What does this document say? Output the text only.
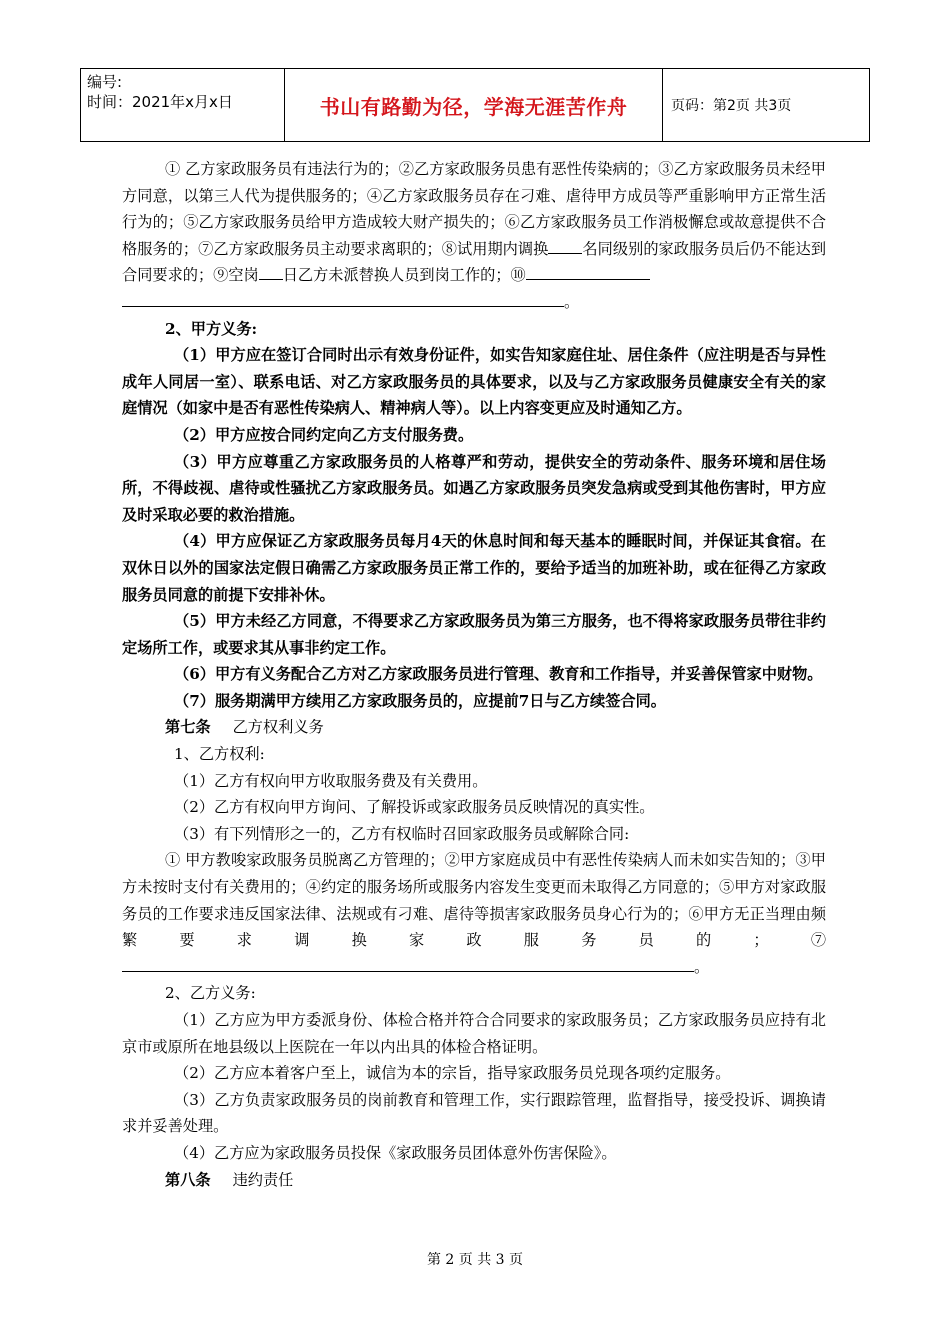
编号:
时间：2021年x月x日	书山有路勤为径，学海无涯苦作舟	页码：第2页 共3页

① 乙方家政服务员有违法行为的；②乙方家政服务员患有恶性传染病的；③乙方家政服务员未经甲方同意，以第三人代为提供服务的；④乙方家政服务员存在刁难、虐待甲方成员等严重影响甲方正常生活行为的；⑤乙方家政服务员给甲方造成较大财产损失的；⑥乙方家政服务员工作消极懈怠或故意提供不合格服务的；⑦乙方家政服务员主动要求离职的；⑧试用期内调换 名同级别的家政服务员后仍不能达到合同要求的；⑨空岗 日乙方未派替换人员到岗工作的；⑩
。

2、甲方义务:

（1）甲方应在签订合同时出示有效身份证件，如实告知家庭住址、居住条件（应注明是否与异性成年人同居一室）、联系电话、对乙方家政服务员的具体要求，以及与乙方家政服务员健康安全有关的家庭情况（如家中是否有恶性传染病人、精神病人等）。以上内容变更应及时通知乙方。

（2）甲方应按合同约定向乙方支付服务费。

（3）甲方应尊重乙方家政服务员的人格尊严和劳动，提供安全的劳动条件、服务环境和居住场所，不得歧视、虐待或性骚扰乙方家政服务员。如遇乙方家政服务员突发急病或受到其他伤害时，甲方应及时采取必要的救治措施。

（4）甲方应保证乙方家政服务员每月4天的休息时间和每天基本的睡眠时间，并保证其食宿。在双休日以外的国家法定假日确需乙方家政服务员正常工作的，要给予适当的加班补助，或在征得乙方家政服务员同意的前提下安排补休。

（5）甲方未经乙方同意，不得要求乙方家政服务员为第三方服务，也不得将家政服务员带往非约定场所工作，或要求其从事非约定工作。

（6）甲方有义务配合乙方对乙方家政服务员进行管理、教育和工作指导，并妥善保管家中财物。

（7）服务期满甲方续用乙方家政服务员的，应提前7日与乙方续签合同。

第七条 乙方权利义务

1、乙方权利:

（1）乙方有权向甲方收取服务费及有关费用。

（2）乙方有权向甲方询问、了解投诉或家政服务员反映情况的真实性。

（3）有下列情形之一的，乙方有权临时召回家政服务员或解除合同:

① 甲方教唆家政服务员脱离乙方管理的；②甲方家庭成员中有恶性传染病人而未如实告知的；③甲方未按时支付有关费用的；④约定的服务场所或服务内容发生变更而未取得乙方同意的；⑤甲方对家政服务员的工作要求违反国家法律、法规或有刁难、虐待等损害家政服务员身心行为的；⑥甲方无正当理由频繁要求调换家政服务员的；⑦。

2、乙方义务:

（1）乙方应为甲方委派身份、体检合格并符合合同要求的家政服务员；乙方家政服务员应持有北京市或原所在地县级以上医院在一年以内出具的体检合格证明。

（2）乙方应本着客户至上，诚信为本的宗旨，指导家政服务员兑现各项约定服务。

（3）乙方负责家政服务员的岗前教育和管理工作，实行跟踪管理，监督指导，接受投诉、调换请求并妥善处理。

（4）乙方应为家政服务员投保《家政服务员团体意外伤害保险》。

第八条 违约责任

第 2 页 共 3 页
